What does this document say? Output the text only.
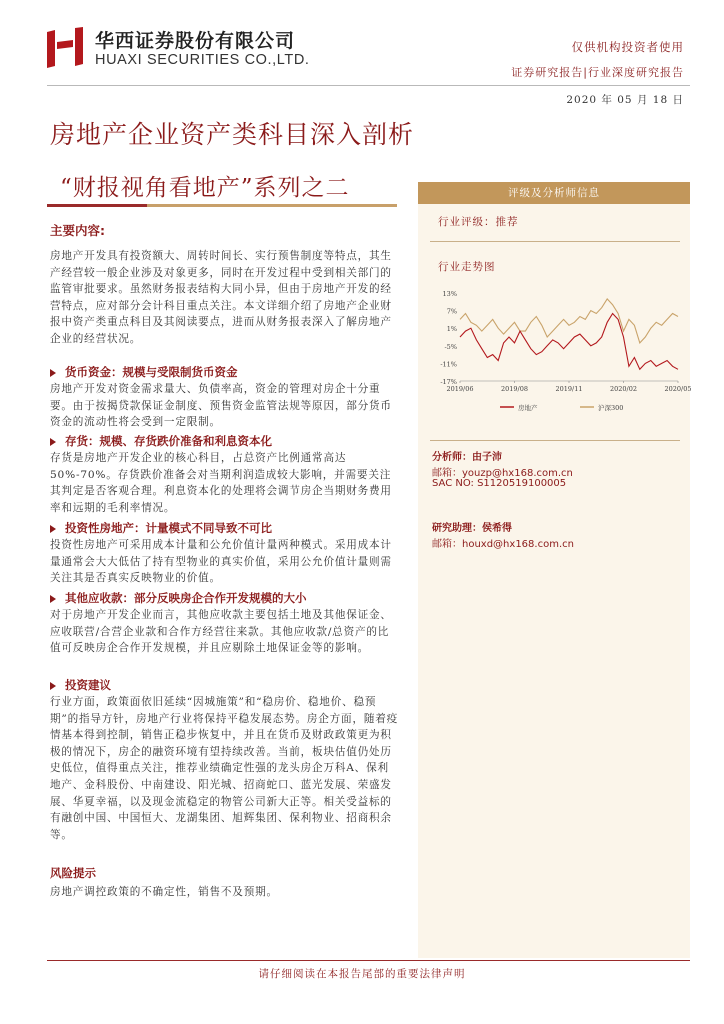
华西证券股份有限公司
HUAXI SECURITIES CO.,LTD.
仅供机构投资者使用
证券研究报告|行业深度研究报告
2020 年 05 月 18 日
房地产企业资产类科目深入剖析
“财报视角看地产”系列之二
主要内容:
房地产开发具有投资额大、周转时间长、实行预售制度等特点，其生产经营较一般企业涉及对象更多，同时在开发过程中受到相关部门的监管审批要求。虽然财务报表结构大同小异，但由于房地产开发的经营特点，应对部分会计科目重点关注。本文详细介绍了房地产企业财报中资产类重点科目及其阅读要点，进而从财务报表深入了解房地产企业的经营状况。
货币资金：规模与受限制货币资金
房地产开发对资金需求量大、负债率高，资金的管理对房企十分重要。由于按揭贷款保证金制度、预售资金监管法规等原因，部分货币资金的流动性将会受到一定限制。
存货：规模、存货跌价准备和利息资本化
存货是房地产开发企业的核心科目，占总资产比例通常高达50%-70%。存货跌价准备会对当期利润造成较大影响，并需要关注其判定是否客观合理。利息资本化的处理将会调节房企当期财务费用率和远期的毛利率情况。
投资性房地产：计量模式不同导致不可比
投资性房地产可采用成本计量和公允价值计量两种模式。采用成本计量通常会大大低估了持有型物业的真实价值，采用公允价值计量则需关注其是否真实反映物业的价值。
其他应收款：部分反映房企合作开发规模的大小
对于房地产开发企业而言，其他应收款主要包括土地及其他保证金、应收联营/合营企业款和合作方经营往来款。其他应收款/总资产的比值可反映房企合作开发规模，并且应剔除土地保证金等的影响。
投资建议
行业方面，政策面依旧延续“因城施策”和“稳房价、稳地价、稳预期”的指导方针，房地产行业将保持平稳发展态势。房企方面，随着疫情基本得到控制，销售正稳步恢复中，并且在货币及财政政策更为积极的情况下，房企的融资环境有望持续改善。当前，板块估值仍处历史低位，值得重点关注，推荐业绩确定性强的龙头房企万科A、保利地产、金科股份、中南建设、阳光城、招商蛇口、蓝光发展、荣盛发展、华夏幸福，以及现金流稳定的物管公司新大正等。相关受益标的有融创中国、中国恒大、龙湖集团、旭辉集团、保利物业、招商积余等。
风险提示
房地产调控政策的不确定性，销售不及预期。
评级及分析师信息
行业评级：推荐
行业走势图
13%
7%
1%
-5%
-11%
-17%
2019/06	2019/08	2019/11	2020/02	2020/05
房地产	沪深300
分析师：由子沛
邮箱：youzp@hx168.com.cn
SAC NO: S1120519100005
研究助理：侯希得
邮箱：houxd@hx168.com.cn
请仔细阅读在本报告尾部的重要法律声明
